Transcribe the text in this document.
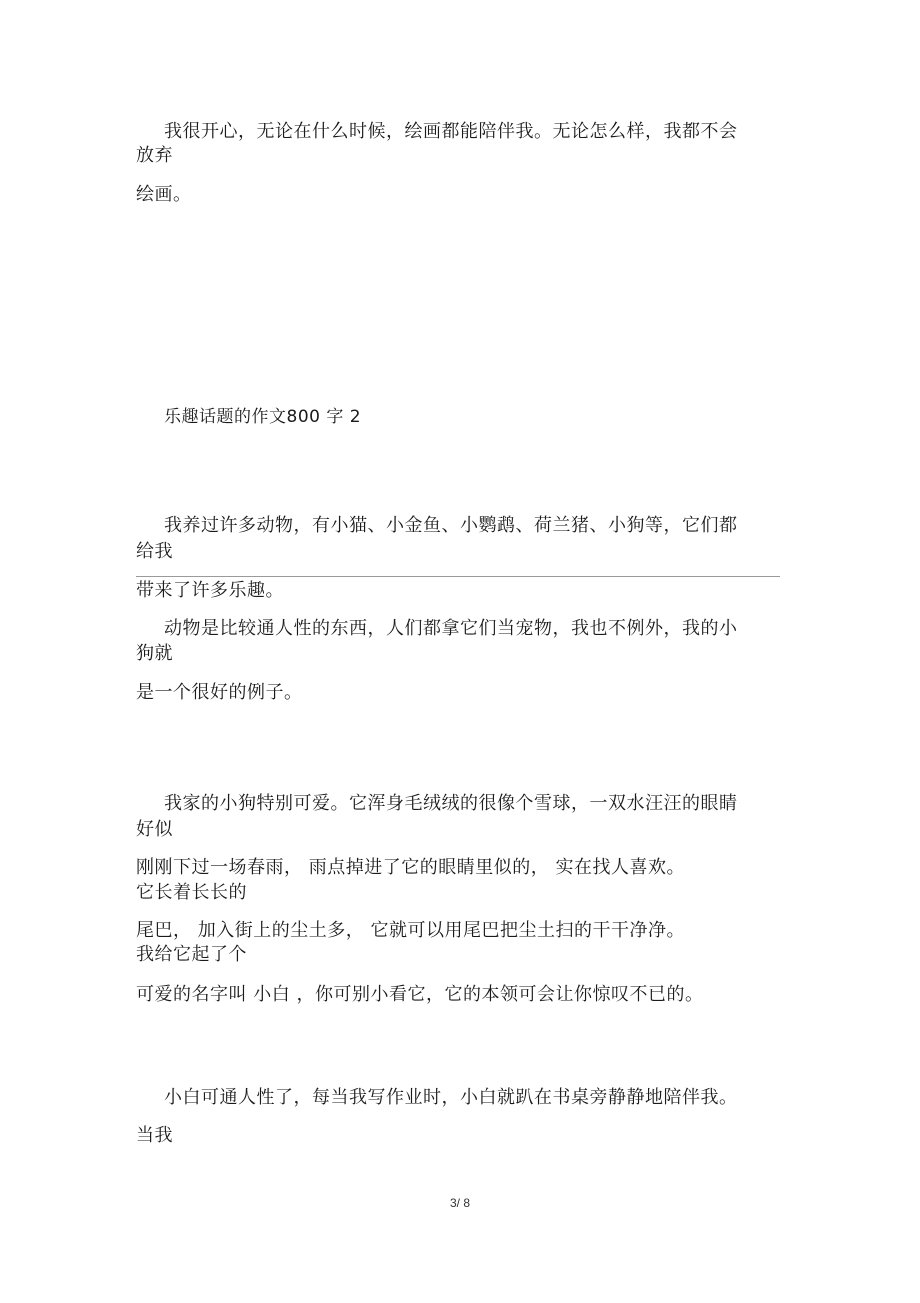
我很开心，无论在什么时候，绘画都能陪伴我。无论怎么样，我都不会
放弃
绘画。
乐趣话题的作文800 字 2
我养过许多动物，有小猫、小金鱼、小鹦鹉、荷兰猪、小狗等，它们都
给我
带来了许多乐趣。
动物是比较通人性的东西，人们都拿它们当宠物，我也不例外，我的小
狗就
是一个很好的例子。
我家的小狗特别可爱。它浑身毛绒绒的很像个雪球，一双水汪汪的眼睛
好似
刚刚下过一场春雨， 雨点掉进了它的眼睛里似的， 实在找人喜欢。
它长着长长的
尾巴， 加入街上的尘土多， 它就可以用尾巴把尘土扫的干干净净。
我给它起了个
可爱的名字叫 小白 ，你可别小看它，它的本领可会让你惊叹不已的。
小白可通人性了，每当我写作业时，小白就趴在书桌旁静静地陪伴我。
当我
3/ 8
